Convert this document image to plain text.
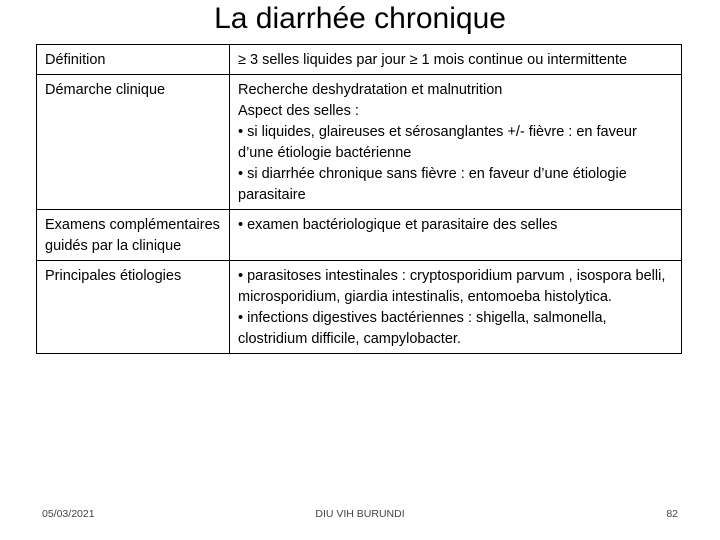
La diarrhée chronique
Définition	≥ 3 selles liquides par jour ≥ 1 mois continue ou intermittente

Démarche clinique	Recherche deshydratation et malnutrition
Aspect des selles :
• si liquides, glaireuses et sérosanglantes +/- fièvre : en faveur d’une étiologie bactérienne
• si diarrhée chronique sans fièvre : en faveur d’une étiologie parasitaire

Examens complémentaires guidés par la clinique	• examen bactériologique et parasitaire des selles

Principales étiologies	• parasitoses intestinales : cryptosporidium parvum , isospora belli, microsporidium, giardia intestinalis, entomoeba histolytica.
• infections digestives bactériennes : shigella, salmonella, clostridium difficile, campylobacter.
05/03/2021	DIU VIH BURUNDI	82
